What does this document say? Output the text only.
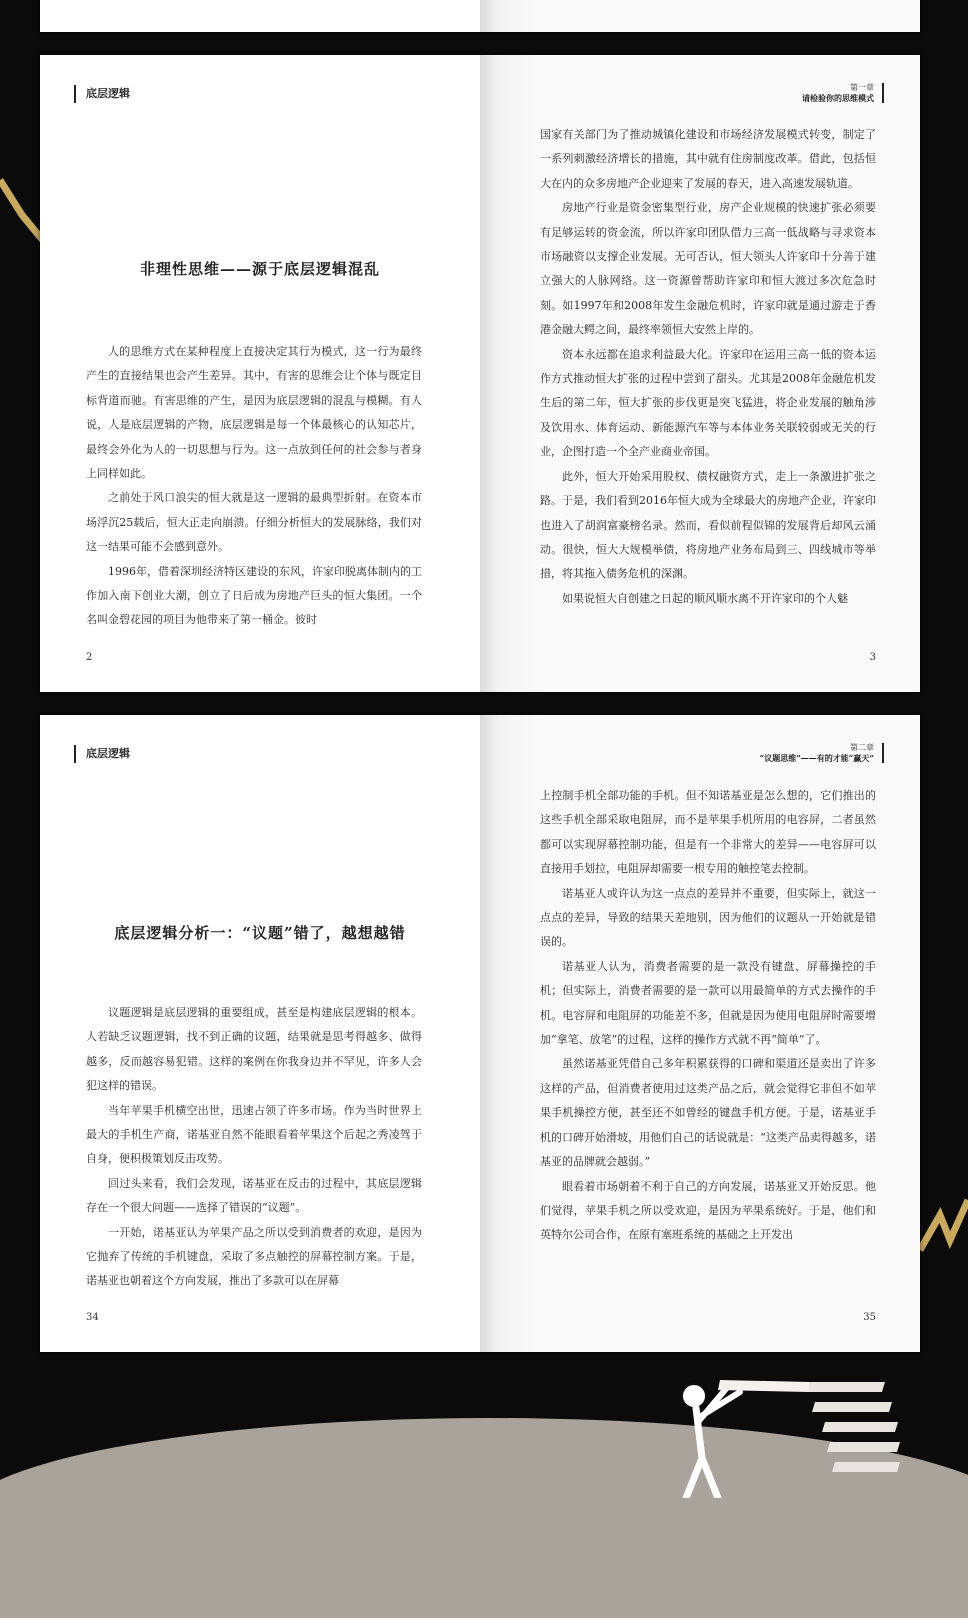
底层逻辑
非理性思维——源于底层逻辑混乱

人的思维方式在某种程度上直接决定其行为模式，这一行为最终产生的直接结果也会产生差异。其中，有害的思维会让个体与既定目标背道而驰。有害思维的产生，是因为底层逻辑的混乱与模糊。有人说，人是底层逻辑的产物，底层逻辑是每一个体最核心的认知芯片，最终会外化为人的一切思想与行为。这一点放到任何的社会参与者身上同样如此。

之前处于风口浪尖的恒大就是这一逻辑的最典型折射。在资本市场浮沉25载后，恒大正走向崩溃。仔细分析恒大的发展脉络，我们对这一结果可能不会感到意外。

1996年，借着深圳经济特区建设的东风，许家印脱离体制内的工作加入南下创业大潮，创立了日后成为房地产巨头的恒大集团。一个名叫金碧花园的项目为他带来了第一桶金。彼时

2
第一章
请检验你的思维模式

国家有关部门为了推动城镇化建设和市场经济发展模式转变，制定了一系列刺激经济增长的措施，其中就有住房制度改革。借此，包括恒大在内的众多房地产企业迎来了发展的春天，进入高速发展轨道。

房地产行业是资金密集型行业，房产企业规模的快速扩张必须要有足够运转的资金流，所以许家印团队借力三高一低战略与寻求资本市场融资以支撑企业发展。无可否认，恒大领头人许家印十分善于建立强大的人脉网络。这一资源曾帮助许家印和恒大渡过多次危急时刻。如1997年和2008年发生金融危机时，许家印就是通过游走于香港金融大鳄之间，最终率领恒大安然上岸的。

资本永远都在追求利益最大化。许家印在运用三高一低的资本运作方式推动恒大扩张的过程中尝到了甜头。尤其是2008年金融危机发生后的第二年，恒大扩张的步伐更是突飞猛进，将企业发展的触角涉及饮用水、体育运动、新能源汽车等与本体业务关联较弱或无关的行业，企图打造一个全产业商业帝国。

此外，恒大开始采用股权、债权融资方式，走上一条激进扩张之路。于是，我们看到2016年恒大成为全球最大的房地产企业，许家印也进入了胡润富豪榜名录。然而，看似前程似锦的发展背后却风云涌动。很快，恒大大规模举债，将房地产业务布局到三、四线城市等举措，将其拖入债务危机的深渊。

如果说恒大自创建之日起的顺风顺水离不开许家印的个人魅

3
底层逻辑
底层逻辑分析一：“议题”错了，越想越错

议题逻辑是底层逻辑的重要组成，甚至是构建底层逻辑的根本。人若缺乏议题逻辑，找不到正确的议题，结果就是思考得越多、做得越多，反而越容易犯错。这样的案例在你我身边并不罕见，许多人会犯这样的错误。

当年苹果手机横空出世，迅速占领了许多市场。作为当时世界上最大的手机生产商，诺基亚自然不能眼看着苹果这个后起之秀凌驾于自身，便积极策划反击攻势。

回过头来看，我们会发现，诺基亚在反击的过程中，其底层逻辑存在一个很大问题——选择了错误的“议题”。

一开始，诺基亚认为苹果产品之所以受到消费者的欢迎，是因为它抛弃了传统的手机键盘，采取了多点触控的屏幕控制方案。于是，诺基亚也朝着这个方向发展，推出了多款可以在屏幕

34
第二章
“议题思维”——有的才能“赢天”

上控制手机全部功能的手机。但不知诺基亚是怎么想的，它们推出的这些手机全部采取电阻屏，而不是苹果手机所用的电容屏，二者虽然都可以实现屏幕控制功能，但是有一个非常大的差异——电容屏可以直接用手划拉，电阻屏却需要一根专用的触控笔去控制。

诺基亚人或许认为这一点点的差异并不重要，但实际上，就这一点点的差异，导致的结果天差地别，因为他们的议题从一开始就是错误的。

诺基亚人认为，消费者需要的是一款没有键盘、屏幕操控的手机；但实际上，消费者需要的是一款可以用最简单的方式去操作的手机。电容屏和电阻屏的功能差不多，但就是因为使用电阻屏时需要增加“拿笔、放笔”的过程，这样的操作方式就不再“简单”了。

虽然诺基亚凭借自己多年积累获得的口碑和渠道还是卖出了许多这样的产品，但消费者使用过这类产品之后，就会觉得它非但不如苹果手机操控方便，甚至还不如曾经的键盘手机方便。于是，诺基亚手机的口碑开始滑坡，用他们自己的话说就是：“这类产品卖得越多，诺基亚的品牌就会越弱。”

眼看着市场朝着不利于自己的方向发展，诺基亚又开始反思。他们觉得，苹果手机之所以受欢迎，是因为苹果系统好。于是，他们和英特尔公司合作，在原有塞班系统的基础之上开发出

35
